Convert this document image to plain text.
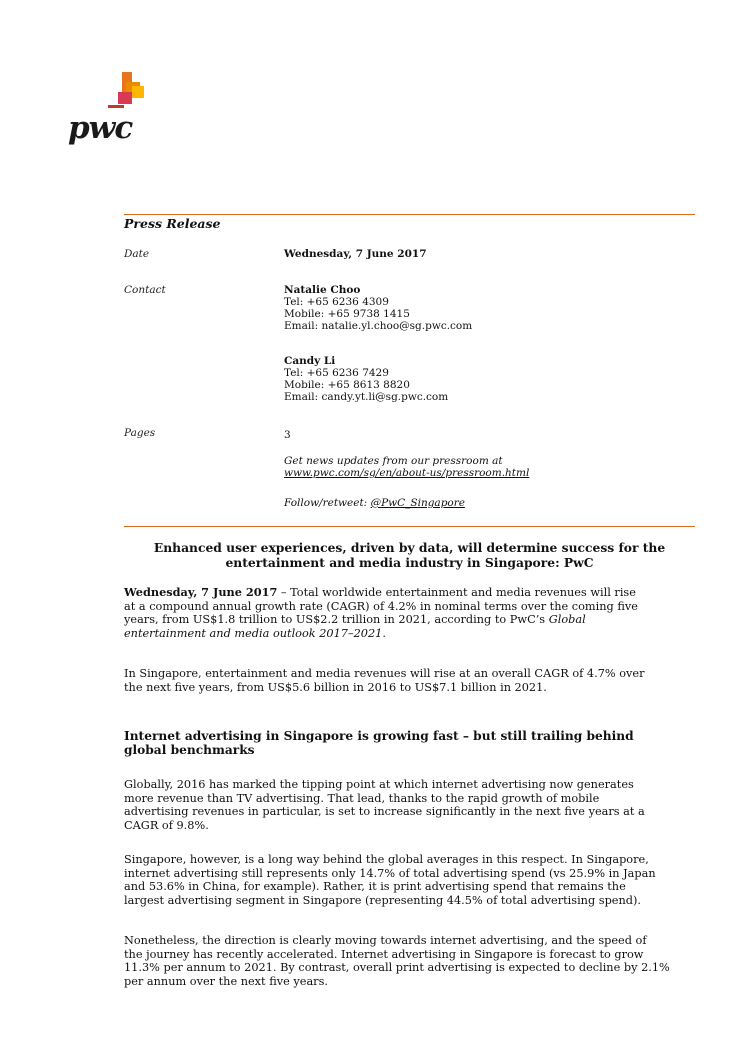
pwc
Press Release
Date	Wednesday, 7 June 2017
Contact	Natalie Choo
Tel: +65 6236 4309
Mobile: +65 9738 1415
Email: natalie.yl.choo@sg.pwc.com
Candy Li
Tel: +65 6236 7429
Mobile: +65 8613 8820
Email: candy.yt.li@sg.pwc.com
Pages	3
Get news updates from our pressroom at
www.pwc.com/sg/en/about-us/pressroom.html
Follow/retweet: @PwC_Singapore
Enhanced user experiences, driven by data, will determine success for the
entertainment and media industry in Singapore: PwC
Wednesday, 7 June 2017 – Total worldwide entertainment and media revenues will rise
at a compound annual growth rate (CAGR) of 4.2% in nominal terms over the coming five
years, from US$1.8 trillion to US$2.2 trillion in 2021, according to PwC’s Global
entertainment and media outlook 2017–2021.
In Singapore, entertainment and media revenues will rise at an overall CAGR of 4.7% over
the next five years, from US$5.6 billion in 2016 to US$7.1 billion in 2021.
Internet advertising in Singapore is growing fast – but still trailing behind
global benchmarks
Globally, 2016 has marked the tipping point at which internet advertising now generates
more revenue than TV advertising. That lead, thanks to the rapid growth of mobile
advertising revenues in particular, is set to increase significantly in the next five years at a
CAGR of 9.8%.
Singapore, however, is a long way behind the global averages in this respect. In Singapore,
internet advertising still represents only 14.7% of total advertising spend (vs 25.9% in Japan
and 53.6% in China, for example). Rather, it is print advertising spend that remains the
largest advertising segment in Singapore (representing 44.5% of total advertising spend).
Nonetheless, the direction is clearly moving towards internet advertising, and the speed of
the journey has recently accelerated. Internet advertising in Singapore is forecast to grow
11.3% per annum to 2021. By contrast, overall print advertising is expected to decline by 2.1%
per annum over the next five years.
